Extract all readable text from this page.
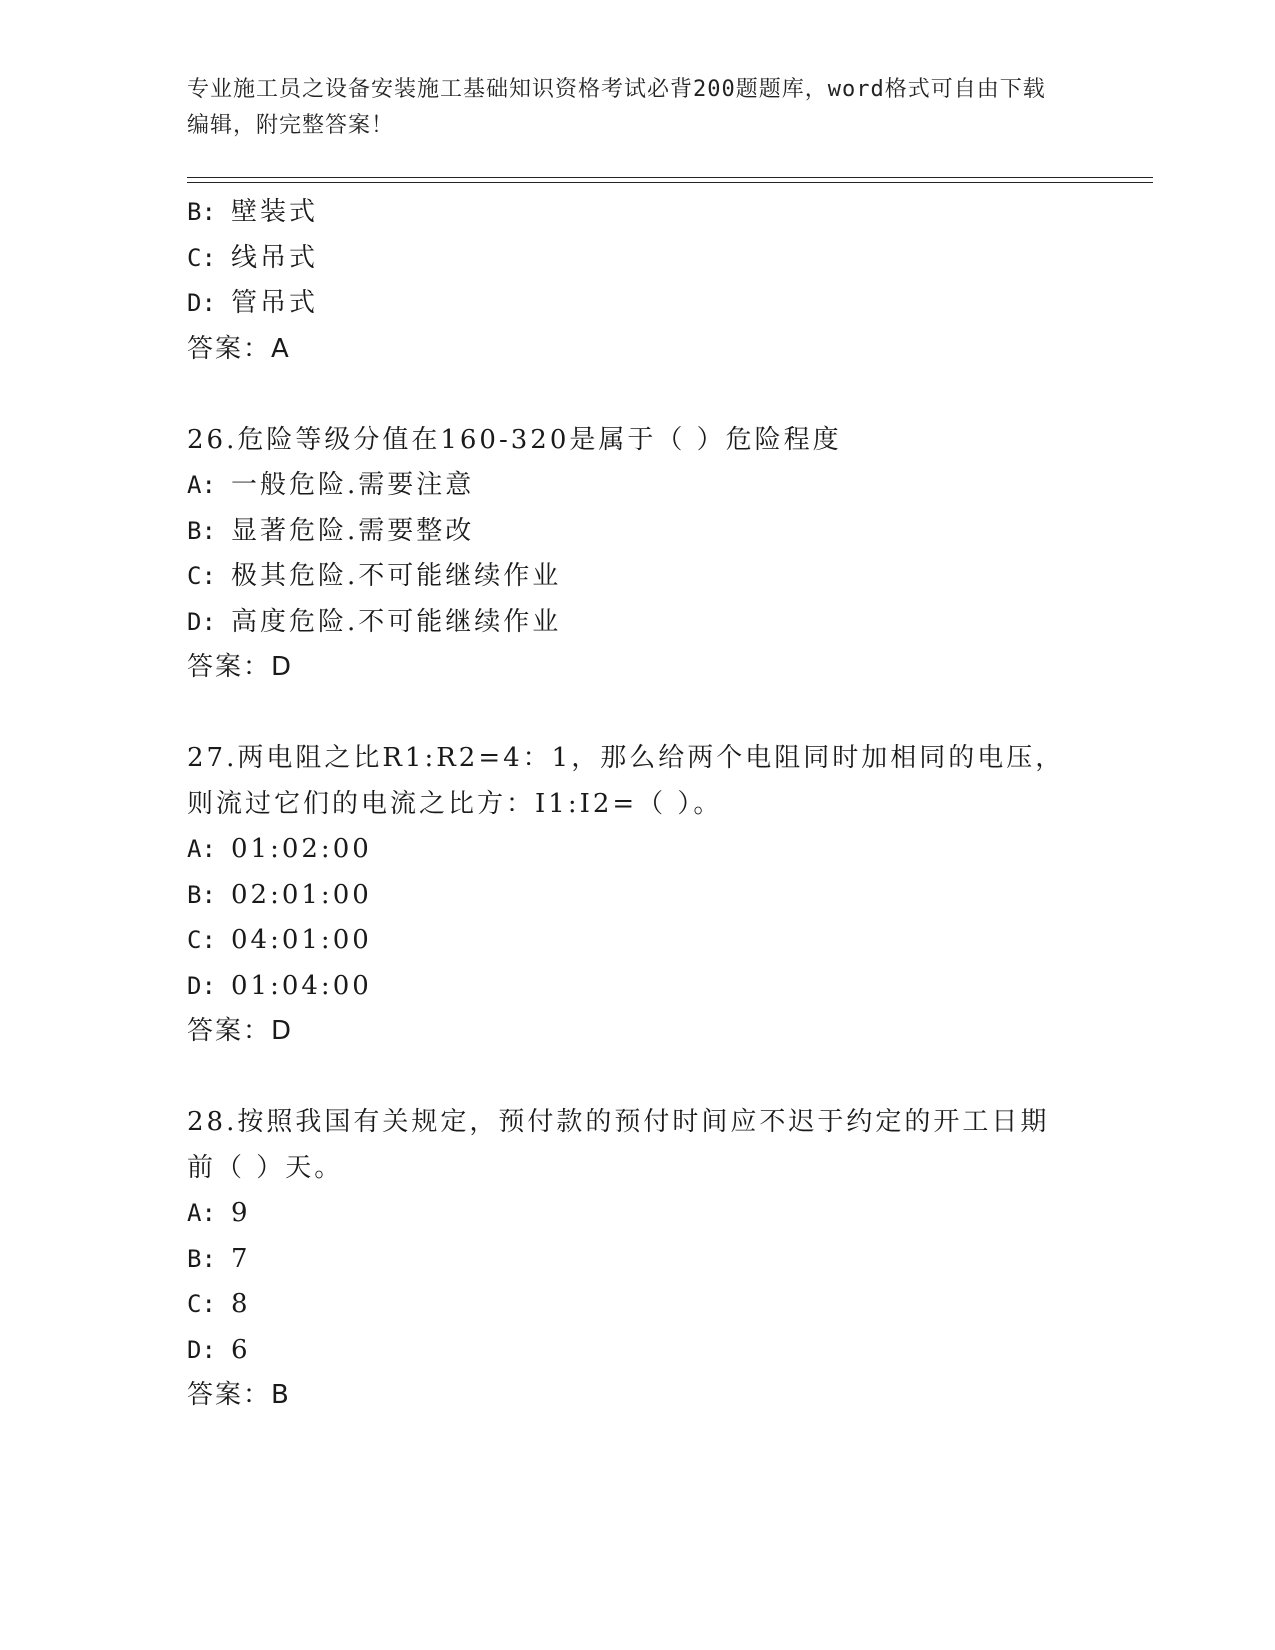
专业施工员之设备安装施工基础知识资格考试必背200题题库，word格式可自由下载编辑，附完整答案！
B: 壁装式
C: 线吊式
D: 管吊式
答案：A
26.危险等级分值在160-320是属于（ ）危险程度
A: 一般危险.需要注意
B: 显著危险.需要整改
C: 极其危险.不可能继续作业
D: 高度危险.不可能继续作业
答案：D
27.两电阻之比R1:R2=4：1，那么给两个电阻同时加相同的电压，则流过它们的电流之比方：I1:I2=（ ）。
A: 01:02:00
B: 02:01:00
C: 04:01:00
D: 01:04:00
答案：D
28.按照我国有关规定，预付款的预付时间应不迟于约定的开工日期前（ ）天。
A: 9
B: 7
C: 8
D: 6
答案：B
